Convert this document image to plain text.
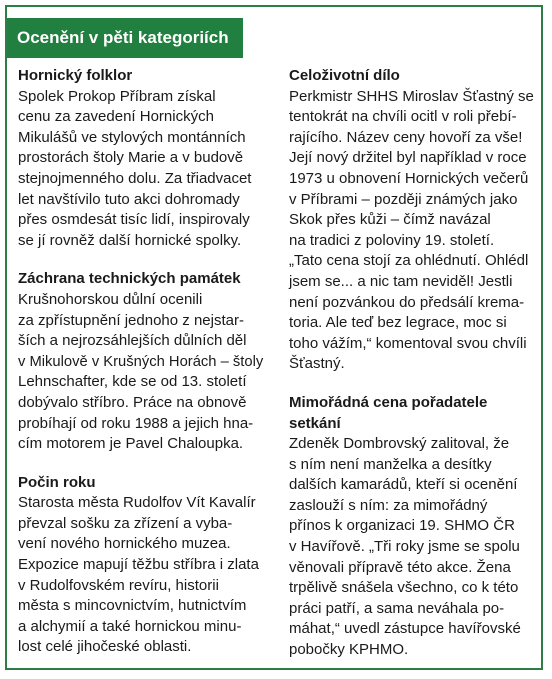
Ocenění v pěti kategoriích
Hornický folklor
Spolek Prokop Příbram získal
cenu za zavedení Hornických
Mikulášů ve stylových montánních
prostorách štoly Marie a v budově
stejnojmenného dolu. Za třiadvacet
let navštívilo tuto akci dohromady
přes osmdesát tisíc lidí, inspirovaly
se jí rovněž další hornické spolky.
Záchrana technických památek
Krušnohorskou důlní ocenili
za zpřístupnění jednoho z nejstar-
ších a nejrozsáhlejších důlních děl
v Mikulově v Krušných Horách – štoly
Lehnschafter, kde se od 13. století
dobývalo stříbro. Práce na obnově
probíhají od roku 1988 a jejich hna-
cím motorem je Pavel Chaloupka.
Počin roku
Starosta města Rudolfov Vít Kavalír
převzal sošku za zřízení a vyba-
vení nového hornického muzea.
Expozice mapují těžbu stříbra i zlata
v Rudolfovském revíru, historii
města s mincovnictvím, hutnictvím
a alchymií a také hornickou minu-
lost celé jihočeské oblasti.
Celoživotní dílo
Perkmistr SHHS Miroslav Šťastný se
tentokrát na chvíli ocitl v roli přebí-
rajícího. Název ceny hovoří za vše!
Její nový držitel byl například v roce
1973 u obnovení Hornických večerů
v Příbrami – později známých jako
Skok přes kůži – čímž navázal
na tradici z poloviny 19. století.
„Tato cena stojí za ohlédnutí. Ohlédl
jsem se... a nic tam neviděl! Jestli
není pozvánkou do předsálí krema-
toria. Ale teď bez legrace, moc si
toho vážím,“ komentoval svou chvíli
Šťastný.
Mimořádná cena pořadatele
setkání
Zdeněk Dombrovský zalitoval, že
s ním není manželka a desítky
dalších kamarádů, kteří si ocenění
zaslouží s ním: za mimořádný
přínos k organizaci 19. SHMO ČR
v Havířově. „Tři roky jsme se spolu
věnovali přípravě této akce. Žena
trpělivě snášela všechno, co k této
práci patří, a sama neváhala po-
máhat,“ uvedl zástupce havířovské
pobočky KPHMO.
